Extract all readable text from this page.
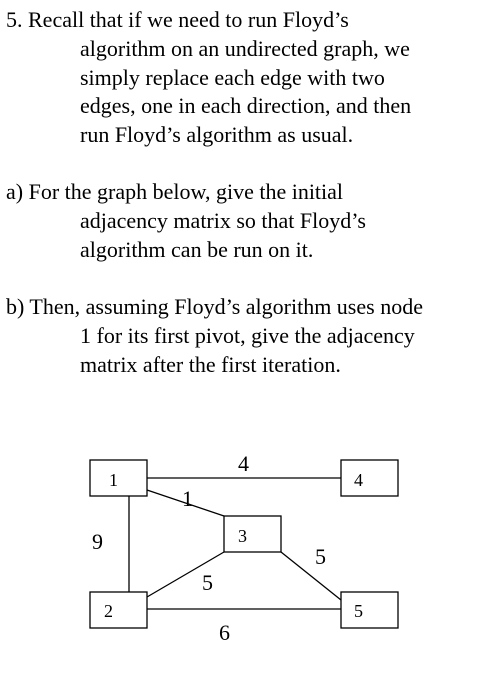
5. Recall that if we need to run Floyd’s
algorithm on an undirected graph, we
simply replace each edge with two
edges, one in each direction, and then
run Floyd’s algorithm as usual.
a) For the graph below, give the initial
adjacency matrix so that Floyd’s
algorithm can be run on it.
b) Then, assuming Floyd’s algorithm uses node
1 for its first pivot, give the adjacency
matrix after the first iteration.
1
2
3
4
5
4
1
9
5
5
6
